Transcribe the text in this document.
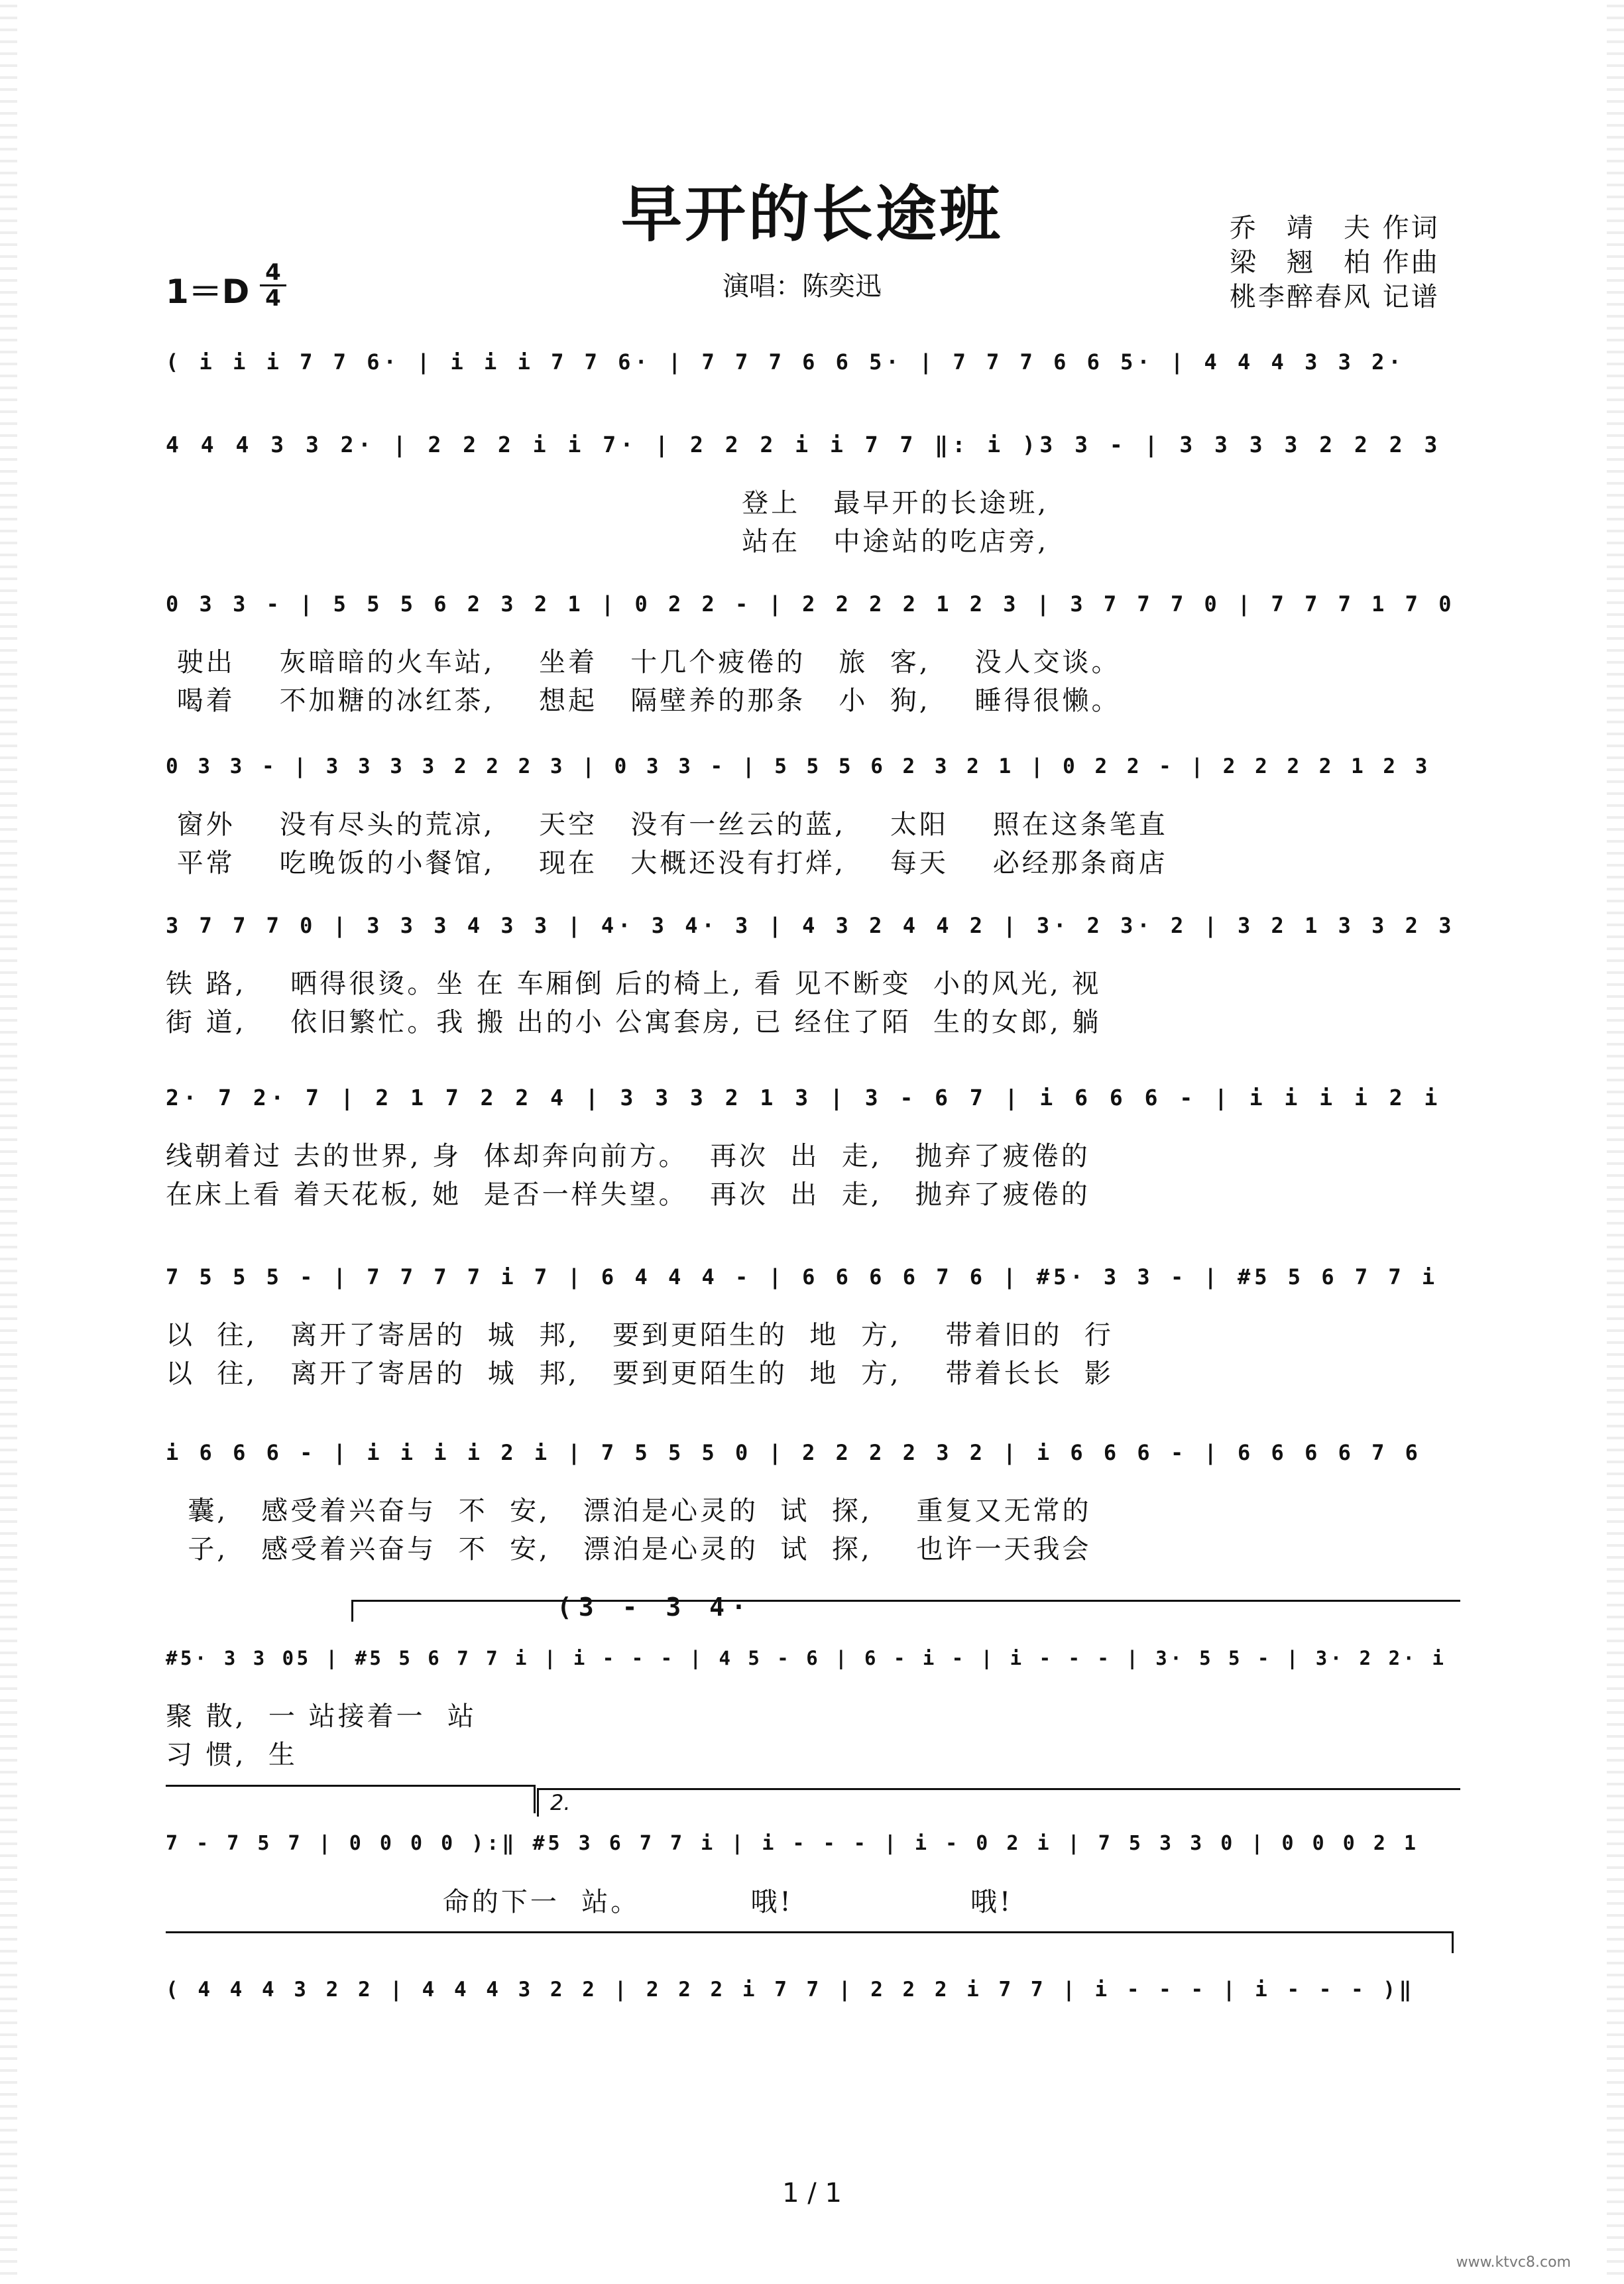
早开的长途班	乔　靖　夫 作词
梁　翘　柏 作曲
桃李醉春风 记谱
1＝D 4
4	演唱：陈奕迅
( i i i 7 7 6· | i i i 7 7 6· | 7 7 7 6 6 5· | 7 7 7 6 6 5· | 4 4 4 3 3 2·
4 4 4 3 3 2· | 2 2 2 i i 7· | 2 2 2 i i 7 7 ‖: i )3 3 - | 3 3 3 3 2 2 2 3
登上   最早开的长途班,
站在   中途站的吃店旁,
0 3 3 - | 5 5 5 6 2 3 2 1 | 0 2 2 - | 2 2 2 2 1 2 3 | 3 7 7 7 0 | 7 7 7 1 7 0
驶出    灰暗暗的火车站,    坐着   十几个疲倦的   旅  客,    没人交谈。
喝着    不加糖的冰红茶,    想起   隔壁养的那条   小  狗,    睡得很懒。
0 3 3 - | 3 3 3 3 2 2 2 3 | 0 3 3 - | 5 5 5 6 2 3 2 1 | 0 2 2 - | 2 2 2 2 1 2 3
窗外    没有尽头的荒凉,    天空   没有一丝云的蓝,    太阳    照在这条笔直
平常    吃晚饭的小餐馆,    现在   大概还没有打烊,    每天    必经那条商店
3 7 7 7 0 | 3 3 3 4 3 3 | 4· 3 4· 3 | 4 3 2 4 4 2 | 3· 2 3· 2 | 3 2 1 3 3 2 3
铁 路,    晒得很烫。坐 在 车厢倒 后的椅上, 看 见不断变  小的风光, 视
街 道,    依旧繁忙。我 搬 出的小 公寓套房, 已 经住了陌  生的女郎, 躺
2· 7 2· 7 | 2 1 7 2 2 4 | 3 3 3 2 1 3 | 3 - 6 7 | i 6 6 6 - | i i i i 2 i
线朝着过 去的世界, 身  体却奔向前方。  再次  出  走,   抛弃了疲倦的
在床上看 着天花板, 她  是否一样失望。  再次  出  走,   抛弃了疲倦的
7 5 5 5 - | 7 7 7 7 i 7 | 6 4 4 4 - | 6 6 6 6 7 6 | #5· 3 3 - | #5 5 6 7 7 i
以  往,   离开了寄居的  城  邦,   要到更陌生的  地  方,    带着旧的  行
以  往,   离开了寄居的  城  邦,   要到更陌生的  地  方,    带着长长  影
i 6 6 6 - | i i i i 2 i | 7 5 5 5 0 | 2 2 2 2 3 2 | i 6 6 6 - | 6 6 6 6 7 6
囊,   感受着兴奋与  不  安,   漂泊是心灵的  试  探,    重复又无常的
子,   感受着兴奋与  不  安,   漂泊是心灵的  试  探,    也许一天我会
(3 - 3 4·
#5· 3 3 05 | #5 5 6 7 7 i | i - - - | 4 5 - 6 | 6 - i - | i - - - | 3· 5 5 - | 3· 2 2· i
聚 散,  一 站接着一  站
习 惯,  生
2.
7 - 7 5 7 | 0 0 0 0 ):‖ #5 3 6 7 7 i | i - - - | i - 0 2 i | 7 5 3 3 0 | 0 0 0 2 1
命的下一  站。          哦!                哦!
( 4 4 4 3 2 2 | 4 4 4 3 2 2 | 2 2 2 i 7 7 | 2 2 2 i 7 7 | i - - - | i - - - )‖
1 / 1
www.ktvc8.com
